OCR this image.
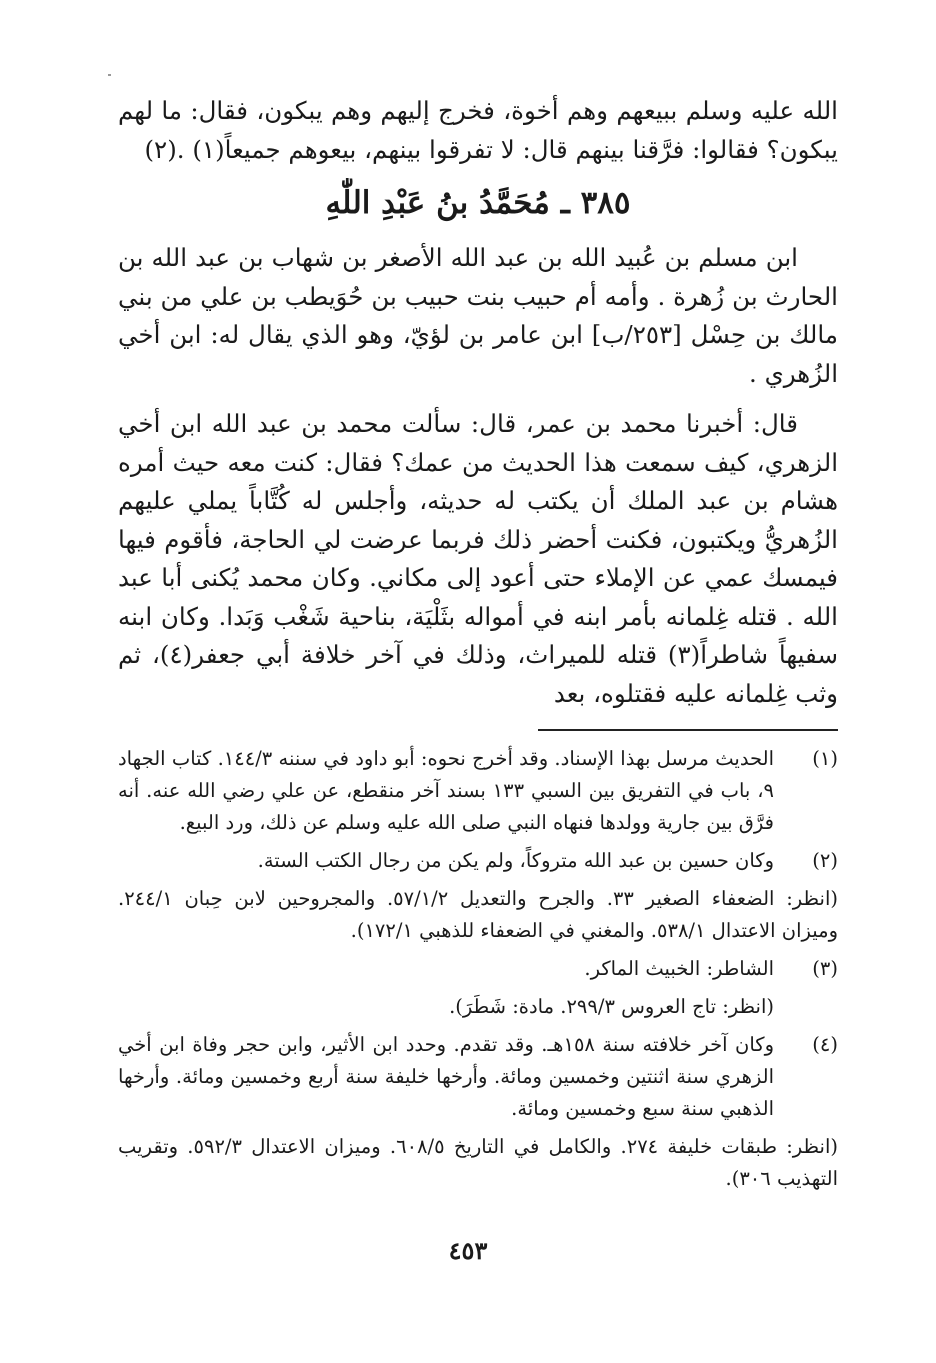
الله عليه وسلم ببيعهم وهم أخوة، فخرج إليهم وهم يبكون، فقال: ما لهم يبكون؟ فقالوا: فرَّقنا بينهم قال: لا تفرقوا بينهم، بيعوهم جميعاً(١) .(٢)

٣٨٥ ـ مُحَمَّدُ بنُ عَبْدِ اللّٰهِ

ابن مسلم بن عُبيد الله بن عبد الله الأصغر بن شهاب بن عبد الله بن الحارث بن زُهرة . وأمه أم حبيب بنت حبيب بن حُوَيطب بن علي من بني مالك بن حِسْل [٢٥٣/ب] ابن عامر بن لؤيّ، وهو الذي يقال له: ابن أخي الزُهري .

قال: أخبرنا محمد بن عمر، قال: سألت محمد بن عبد الله ابن أخي الزهري، كيف سمعت هذا الحديث من عمك؟ فقال: كنت معه حيث أمره هشام بن عبد الملك أن يكتب له حديثه، وأجلس له كُتَّاباً يملي عليهم الزُهريُّ ويكتبون، فكنت أحضر ذلك فربما عرضت لي الحاجة، فأقوم فيها فيمسك عمي عن الإملاء حتى أعود إلى مكاني. وكان محمد يُكنى أبا عبد الله . قتله غِلمانه بأمر ابنه في أمواله بثَلْيَة، بناحية شَغْب وَبَدا. وكان ابنه سفيهاً شاطراً(٣) قتله للميراث، وذلك في آخر خلافة أبي جعفر(٤)، ثم وثب غِلمانه عليه فقتلوه، بعد

(١)
الحديث مرسل بهذا الإسناد. وقد أخرج نحوه: أبو داود في سننه ١٤٤/٣. كتاب الجهاد ٩، باب في التفريق بين السبي ١٣٣ بسند آخر منقطع، عن علي رضي الله عنه. أنه فرَّق بين جارية وولدها فنهاه النبي صلى الله عليه وسلم عن ذلك، ورد البيع.
(٢)
وكان حسين بن عبد الله متروكاً، ولم يكن من رجال الكتب الستة.
(انظر: الضعفاء الصغير ٣٣. والجرح والتعديل ٥٧/١/٢. والمجروحين لابن حِبان ٢٤٤/١. وميزان الاعتدال ٥٣٨/١. والمغني في الضعفاء للذهبي ١٧٢/١).
(٣)
الشاطر: الخبيث الماكر.
(انظر: تاج العروس ٢٩٩/٣. مادة: شَطَرَ).
(٤)
وكان آخر خلافته سنة ١٥٨هـ. وقد تقدم. وحدد ابن الأثير، وابن حجر وفاة ابن أخي الزهري سنة اثنتين وخمسين ومائة. وأرخها خليفة سنة أربع وخمسين ومائة. وأرخها الذهبي سنة سبع وخمسين ومائة.
(انظر: طبقات خليفة ٢٧٤. والكامل في التاريخ ٦٠٨/٥. وميزان الاعتدال ٥٩٢/٣. وتقريب التهذيب ٣٠٦).
٤٥٣
